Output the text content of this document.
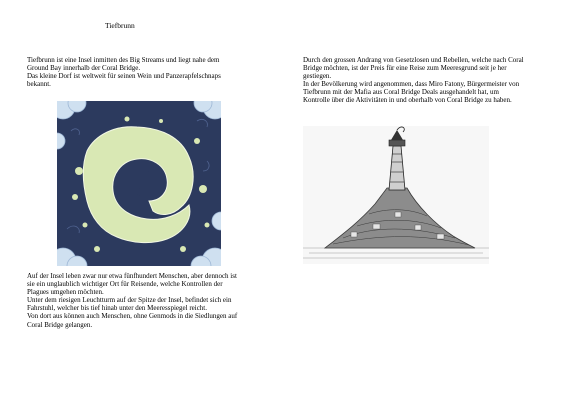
Tiefbrunn

Tiefbrunn ist eine Insel inmitten des Big Streams und liegt nahe dem
Ground Bay innerhalb der Coral Bridge.
Das kleine Dorf ist weltweit für seinen Wein und Panzerapfelschnaps
bekannt.

Auf der Insel leben zwar nur etwa fünfhundert Menschen, aber dennoch ist
sie ein unglaublich wichtiger Ort für Reisende, welche Kontrollen der
Plagues umgehen möchten.
Unter dem riesigen Leuchtturm auf der Spitze der Insel, befindet sich ein
Fahrstuhl, welcher bis tief hinab unter den Meeresspiegel reicht.
Von dort aus können auch Menschen, ohne Genmods in die Siedlungen auf
Coral Bridge gelangen.

Durch den grossen Andrang von Gesetzlosen und Rebellen, welche nach Coral
Bridge möchten, ist der Preis für eine Reise zum Meeresgrund seit je her
gestiegen.
In der Bevölkerung wird angenommen, dass Miro Fatony, Bürgermeister von
Tiefbrunn mit der Mafia aus Coral Bridge Deals ausgehandelt hat, um
Kontrolle über die Aktivitäten in und oberhalb von Coral Bridge zu haben.
